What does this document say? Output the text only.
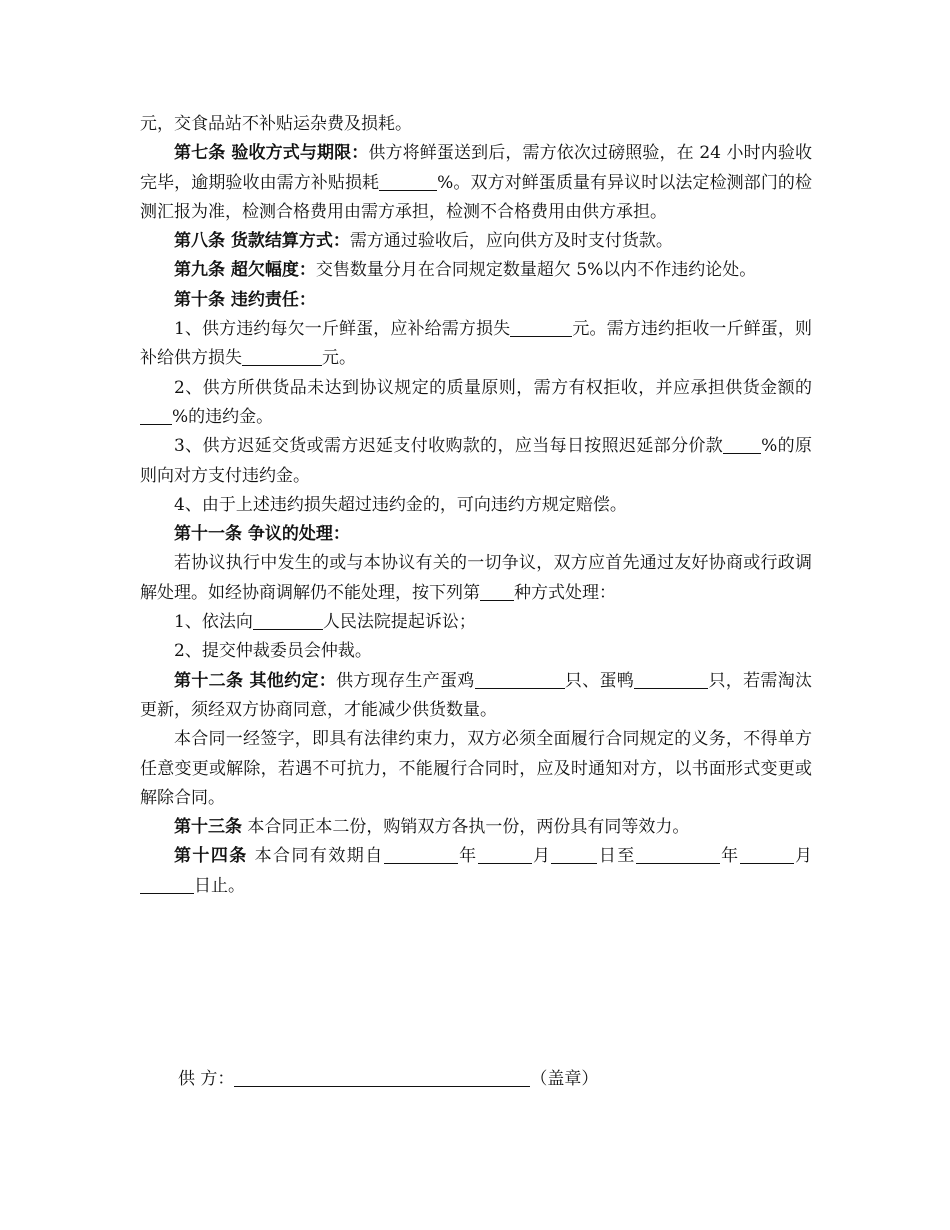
元，交食品站不补贴运杂费及损耗。

第七条 验收方式与期限：供方将鲜蛋送到后，需方依次过磅照验，在 24 小时内验收完毕，逾期验收由需方补贴损耗	%。双方对鲜蛋质量有异议时以法定检测部门的检测汇报为准，检测合格费用由需方承担，检测不合格费用由供方承担。

第八条 货款结算方式：需方通过验收后，应向供方及时支付货款。

第九条 超欠幅度：交售数量分月在合同规定数量超欠 5%以内不作违约论处。

第十条 违约责任：

1、供方违约每欠一斤鲜蛋，应补给需方损失	元。需方违约拒收一斤鲜蛋，则补给供方损失	元。

2、供方所供货品未达到协议规定的质量原则，需方有权拒收，并应承担供货金额的%的违约金。

3、供方迟延交货或需方迟延支付收购款的，应当每日按照迟延部分价款 %的原则向对方支付违约金。

4、由于上述违约损失超过违约金的，可向违约方规定赔偿。

第十一条 争议的处理：

若协议执行中发生的或与本协议有关的一切争议，双方应首先通过友好协商或行政调解处理。如经协商调解仍不能处理，按下列第 种方式处理：

1、依法向	人民法院提起诉讼；

2、提交仲裁委员会仲裁。

第十二条 其他约定：供方现存生产蛋鸡	只、蛋鸭	只，若需淘汰更新，须经双方协商同意，才能减少供货数量。

本合同一经签字，即具有法律约束力，双方必须全面履行合同规定的义务，不得单方任意变更或解除，若遇不可抗力，不能履行合同时，应及时通知对方，以书面形式变更或解除合同。

第十三条 本合同正本二份，购销双方各执一份，两份具有同等效力。

第十四条 本合同有效期自	年	月	日至	年	月日止。

供 方：	（盖章）
